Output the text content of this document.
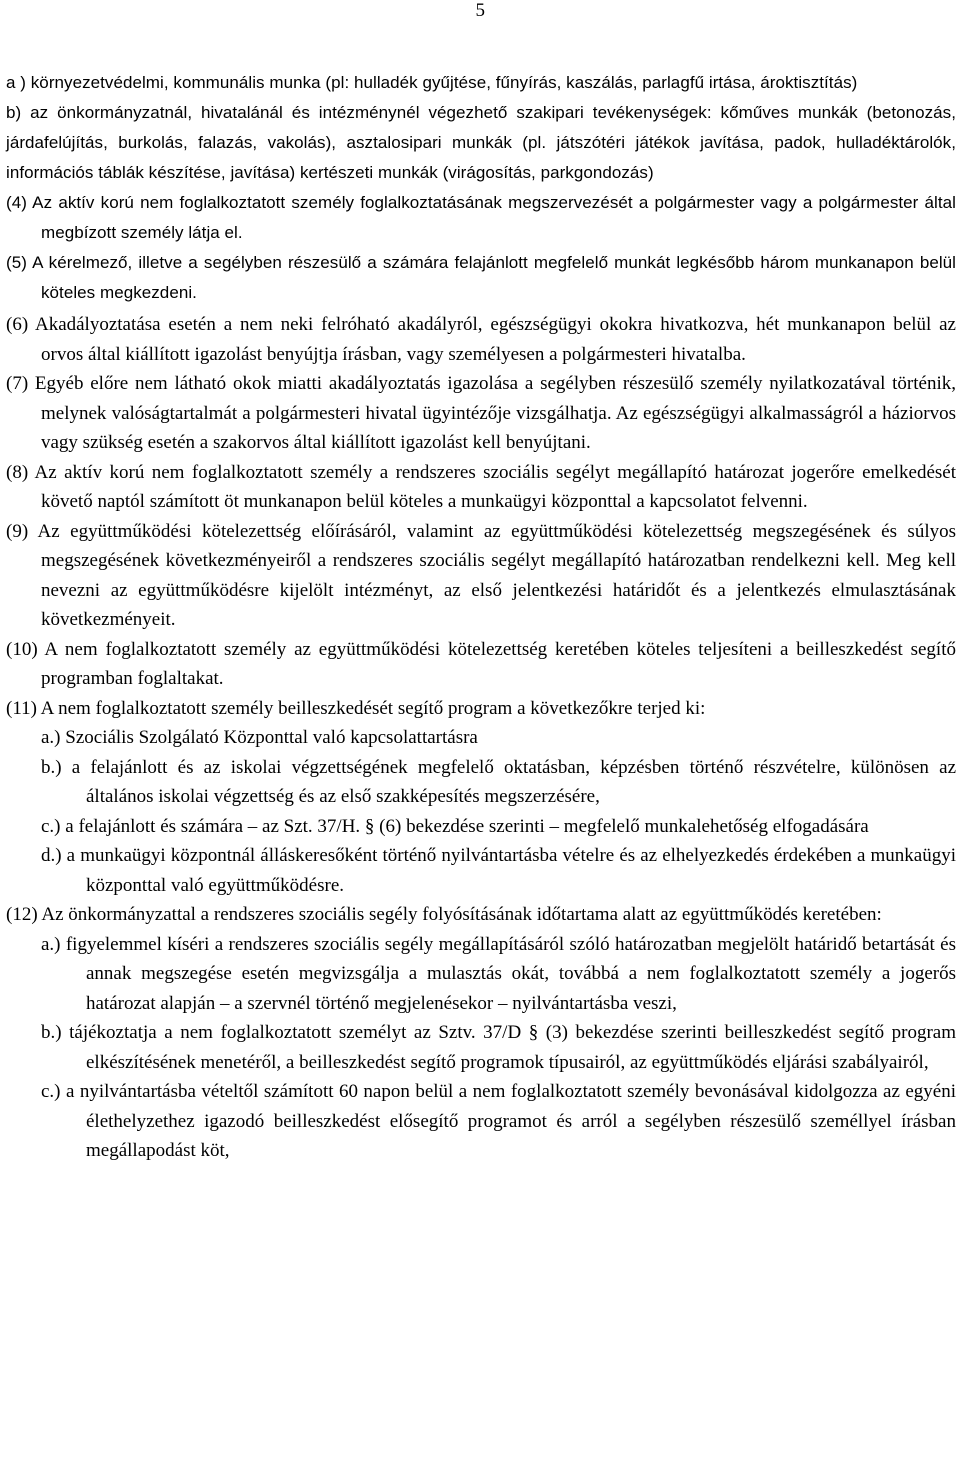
5

a ) környezetvédelmi, kommunális munka (pl: hulladék gyűjtése, fűnyírás, kaszálás, parlagfű irtása, ároktisztítás)

b) az önkormányzatnál, hivatalánál és intézménynél végezhető szakipari tevékenységek: kőműves munkák (betonozás, járdafelújítás, burkolás, falazás, vakolás), asztalosipari munkák (pl. játszótéri játékok javítása, padok, hulladéktárolók, információs táblák készítése, javítása) kertészeti munkák (virágosítás, parkgondozás)

(4) Az aktív korú nem foglalkoztatott személy foglalkoztatásának megszervezését a polgármester vagy a polgármester által megbízott személy látja el.

(5) A kérelmező, illetve a segélyben részesülő a számára felajánlott megfelelő munkát legkésőbb három munkanapon belül köteles megkezdeni.

(6) Akadályoztatása esetén a nem neki felróható akadályról, egészségügyi okokra hivatkozva, hét munkanapon belül az orvos által kiállított igazolást benyújtja írásban, vagy személyesen a polgármesteri hivatalba.

(7) Egyéb előre nem látható okok miatti akadályoztatás igazolása a segélyben részesülő személy nyilatkozatával történik, melynek valóságtartalmát a polgármesteri hivatal ügyintézője vizsgálhatja. Az egészségügyi alkalmasságról a háziorvos vagy szükség esetén a szakorvos által kiállított igazolást kell benyújtani.

(8) Az aktív korú nem foglalkoztatott személy a rendszeres szociális segélyt megállapító határozat jogerőre emelkedését követő naptól számított öt munkanapon belül köteles a munkaügyi központtal a kapcsolatot felvenni.

(9) Az együttműködési kötelezettség előírásáról, valamint az együttműködési kötelezettség megszegésének és súlyos megszegésének következményeiről a rendszeres szociális segélyt megállapító határozatban rendelkezni kell. Meg kell nevezni az együttműködésre kijelölt intézményt, az első jelentkezési határidőt és a jelentkezés elmulasztásának következményeit.

(10) A nem foglalkoztatott személy az együttműködési kötelezettség keretében köteles teljesíteni a beilleszkedést segítő programban foglaltakat.

(11) A nem foglalkoztatott személy beilleszkedését segítő program a következőkre terjed ki:

a.) Szociális Szolgálató Központtal való kapcsolattartásra

b.) a felajánlott és az iskolai végzettségének megfelelő oktatásban, képzésben történő részvételre, különösen az általános iskolai végzettség és az első szakképesítés megszerzésére,

c.) a felajánlott és számára – az Szt. 37/H. § (6) bekezdése szerinti – megfelelő munkalehetőség elfogadására

d.) a munkaügyi központnál álláskeresőként történő nyilvántartásba vételre és az elhelyezkedés érdekében a munkaügyi központtal való együttműködésre.

(12) Az önkormányzattal a rendszeres szociális segély folyósításának időtartama alatt az együttműködés keretében:

a.) figyelemmel kíséri a rendszeres szociális segély megállapításáról szóló határozatban megjelölt határidő betartását és annak megszegése esetén megvizsgálja a mulasztás okát, továbbá a nem foglalkoztatott személy a jogerős határozat alapján – a szervnél történő megjelenésekor – nyilvántartásba veszi,

b.) tájékoztatja a nem foglalkoztatott személyt az Sztv. 37/D § (3) bekezdése szerinti beilleszkedést segítő program elkészítésének menetéről, a beilleszkedést segítő programok típusairól, az együttműködés eljárási szabályairól,

c.) a nyilvántartásba vételtől számított 60 napon belül a nem foglalkoztatott személy bevonásával kidolgozza az egyéni élethelyzethez igazodó beilleszkedést elősegítő programot és arról a segélyben részesülő személlyel írásban megállapodást köt,
